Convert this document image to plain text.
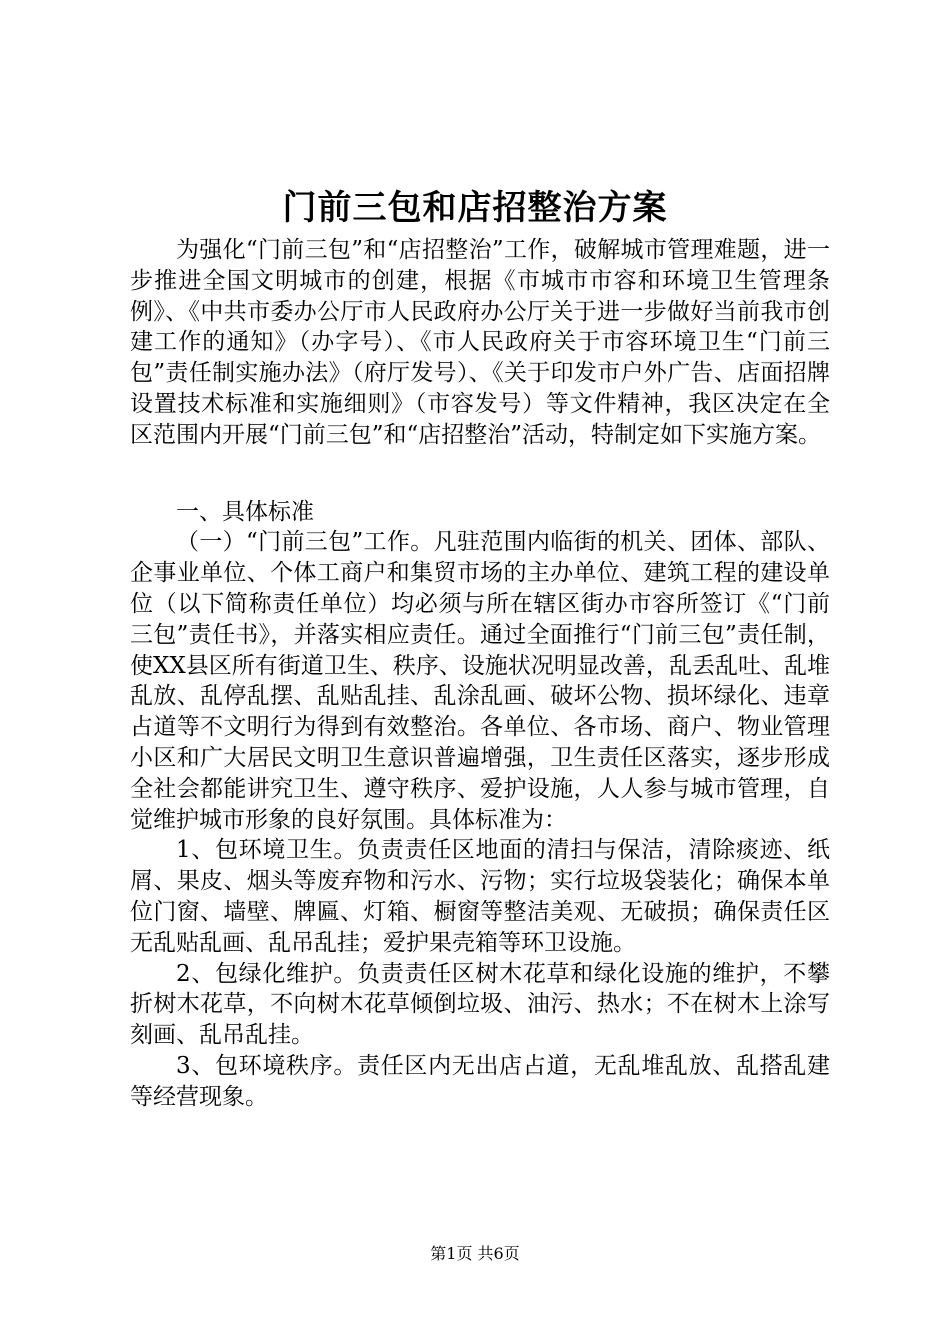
门前三包和店招整治方案

为强化“门前三包”和“店招整治”工作，破解城市管理难题，进一步推进全国文明城市的创建，根据《市城市市容和环境卫生管理条例》、《中共市委办公厅市人民政府办公厅关于进一步做好当前我市创建工作的通知》（办字号）、《市人民政府关于市容环境卫生“门前三包”责任制实施办法》（府厅发号）、《关于印发市户外广告、店面招牌设置技术标准和实施细则》（市容发号）等文件精神，我区决定在全区范围内开展“门前三包”和“店招整治”活动，特制定如下实施方案。

一、具体标准

（一）“门前三包”工作。凡驻范围内临街的机关、团体、部队、企事业单位、个体工商户和集贸市场的主办单位、建筑工程的建设单位（以下简称责任单位）均必须与所在辖区街办市容所签订《“门前三包”责任书》，并落实相应责任。通过全面推行“门前三包”责任制，使XX县区所有街道卫生、秩序、设施状况明显改善，乱丢乱吐、乱堆乱放、乱停乱摆、乱贴乱挂、乱涂乱画、破坏公物、损坏绿化、违章占道等不文明行为得到有效整治。各单位、各市场、商户、物业管理小区和广大居民文明卫生意识普遍增强，卫生责任区落实，逐步形成全社会都能讲究卫生、遵守秩序、爱护设施，人人参与城市管理，自觉维护城市形象的良好氛围。具体标准为：

1、包环境卫生。负责责任区地面的清扫与保洁，清除痰迹、纸屑、果皮、烟头等废弃物和污水、污物；实行垃圾袋装化；确保本单位门窗、墙壁、牌匾、灯箱、橱窗等整洁美观、无破损；确保责任区无乱贴乱画、乱吊乱挂；爱护果壳箱等环卫设施。

2、包绿化维护。负责责任区树木花草和绿化设施的维护，不攀折树木花草，不向树木花草倾倒垃圾、油污、热水；不在树木上涂写刻画、乱吊乱挂。

3、包环境秩序。责任区内无出店占道，无乱堆乱放、乱搭乱建等经营现象。

第1页 共6页
